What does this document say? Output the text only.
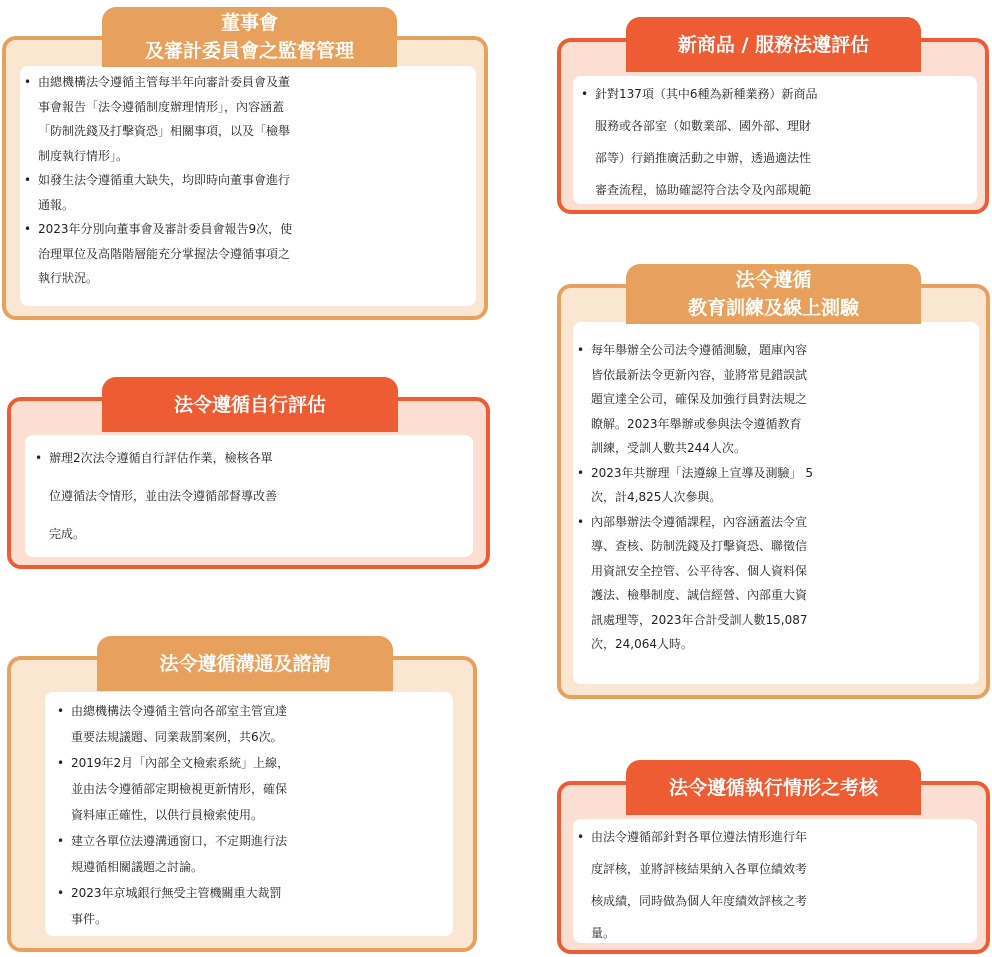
• 由總機構法令遵循主管每半年向審計委員會及董
事會報告「法令遵循制度辦理情形」，內容涵蓋
「防制洗錢及打擊資恐」相關事項，以及「檢舉
制度執行情形」。
• 如發生法令遵循重大缺失，均即時向董事會進行
通報。
• 2023年分別向董事會及審計委員會報告9次，使
治理單位及高階階層能充分掌握法令遵循事項之
執行狀況。
董事會
及審計委員會之監督管理
• 辦理2次法令遵循自行評估作業，檢核各單
位遵循法令情形，並由法令遵循部督導改善
完成。
法令遵循自行評估
• 由總機構法令遵循主管向各部室主管宣達
重要法規議題、同業裁罰案例，共6次。
• 2019年2月「內部全文檢索系統」上線，
並由法令遵循部定期檢視更新情形，確保
資料庫正確性，以供行員檢索使用。
• 建立各單位法遵溝通窗口，不定期進行法
規遵循相關議題之討論。
• 2023年京城銀行無受主管機關重大裁罰
事件。
法令遵循溝通及諮詢
• 針對137項（其中6種為新種業務）新商品
服務或各部室（如數業部、國外部、理財
部等）行銷推廣活動之申辦，透過適法性
審查流程，協助確認符合法令及內部規範
新商品 / 服務法遵評估
• 每年舉辦全公司法令遵循測驗，題庫內容
皆依最新法令更新內容，並將常見錯誤試
題宣達全公司，確保及加強行員對法規之
瞭解。2023年舉辦或參與法令遵循教育
訓練，受訓人數共244人次。
• 2023年共辦理「法遵線上宣導及測驗」 5
次，計4,825人次參與。
• 內部舉辦法令遵循課程，內容涵蓋法令宣
導、查核、防制洗錢及打擊資恐、聯徵信
用資訊安全控管、公平待客、個人資料保
護法、檢舉制度、誠信經營、內部重大資
訊處理等，2023年合計受訓人數15,087
次，24,064人時。
法令遵循
教育訓練及線上測驗
• 由法令遵循部針對各單位遵法情形進行年
度評核，並將評核結果納入各單位績效考
核成績，同時做為個人年度績效評核之考
量。
法令遵循執行情形之考核
